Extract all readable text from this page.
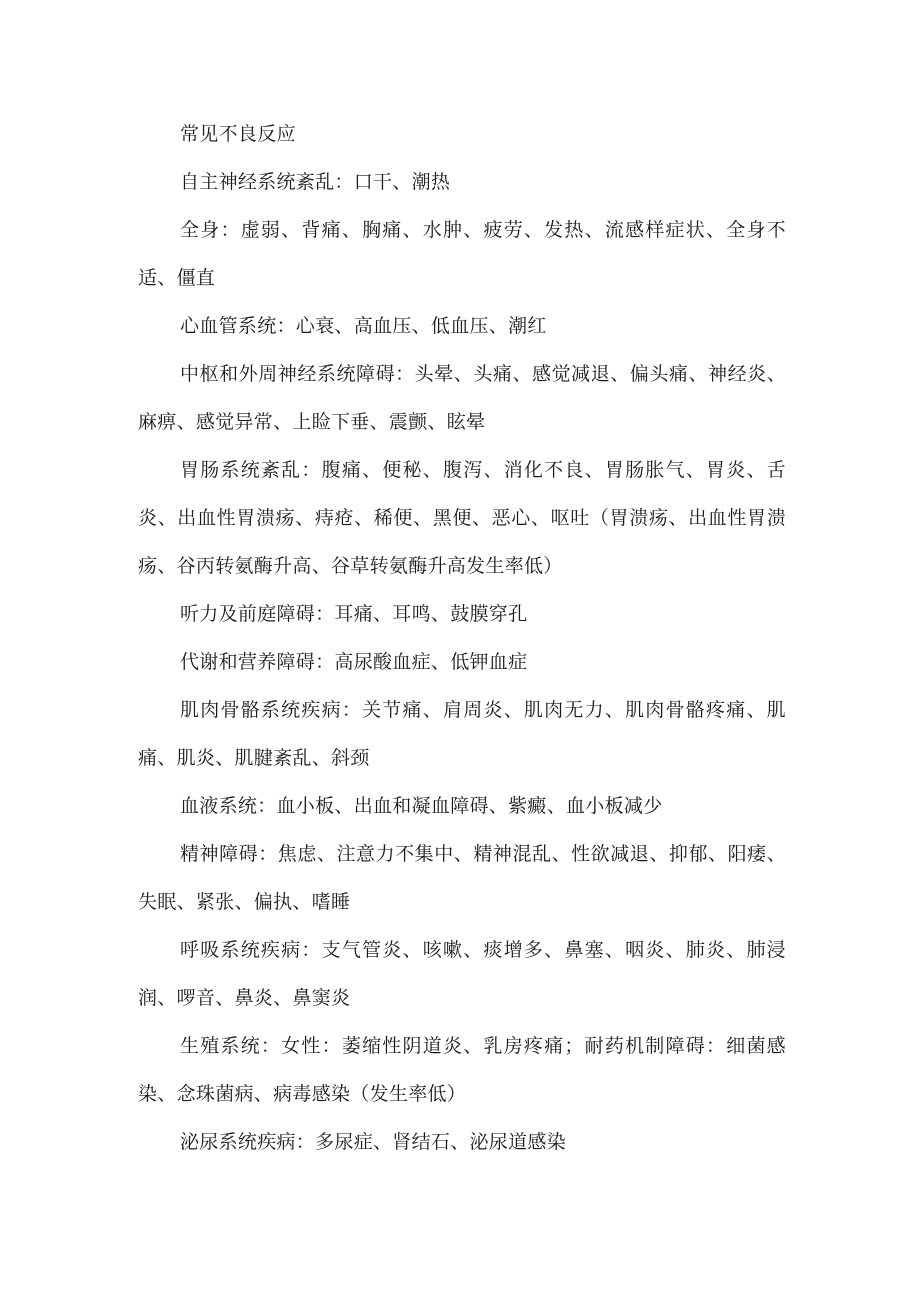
常见不良反应

自主神经系统紊乱：口干、潮热

全身：虚弱、背痛、胸痛、水肿、疲劳、发热、流感样症状、全身不适、僵直

心血管系统：心衰、高血压、低血压、潮红

中枢和外周神经系统障碍：头晕、头痛、感觉减退、偏头痛、神经炎、麻痹、感觉异常、上睑下垂、震颤、眩晕

胃肠系统紊乱：腹痛、便秘、腹泻、消化不良、胃肠胀气、胃炎、舌炎、出血性胃溃疡、痔疮、稀便、黑便、恶心、呕吐（胃溃疡、出血性胃溃疡、谷丙转氨酶升高、谷草转氨酶升高发生率低）

听力及前庭障碍：耳痛、耳鸣、鼓膜穿孔

代谢和营养障碍：高尿酸血症、低钾血症

肌肉骨骼系统疾病：关节痛、肩周炎、肌肉无力、肌肉骨骼疼痛、肌痛、肌炎、肌腱紊乱、斜颈

血液系统：血小板、出血和凝血障碍、紫癜、血小板减少

精神障碍：焦虑、注意力不集中、精神混乱、性欲减退、抑郁、阳痿、失眠、紧张、偏执、嗜睡

呼吸系统疾病：支气管炎、咳嗽、痰增多、鼻塞、咽炎、肺炎、肺浸润、啰音、鼻炎、鼻窦炎

生殖系统：女性：萎缩性阴道炎、乳房疼痛；耐药机制障碍：细菌感染、念珠菌病、病毒感染（发生率低）

泌尿系统疾病：多尿症、肾结石、泌尿道感染
